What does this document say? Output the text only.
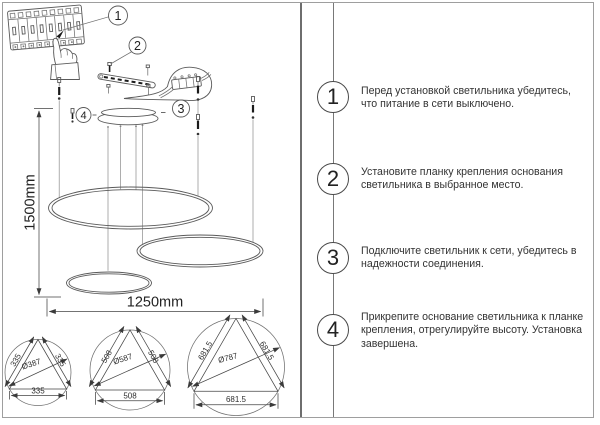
1
2
3
4
1500mm
1250mm
335	335
335
Ø387	508	508
508
Ø587	681.5	681.5
681.5
Ø787
1	Перед установкой светильника убедитесь, что питание в сети выключено.
2	Установите планку крепления основания светильника в выбранное место.
3	Подключите светильник к сети, убедитесь в надежности соединения.
4	Прикрепите основание светильника к планке крепления, отрегулируйте высоту. Установка завершена.
